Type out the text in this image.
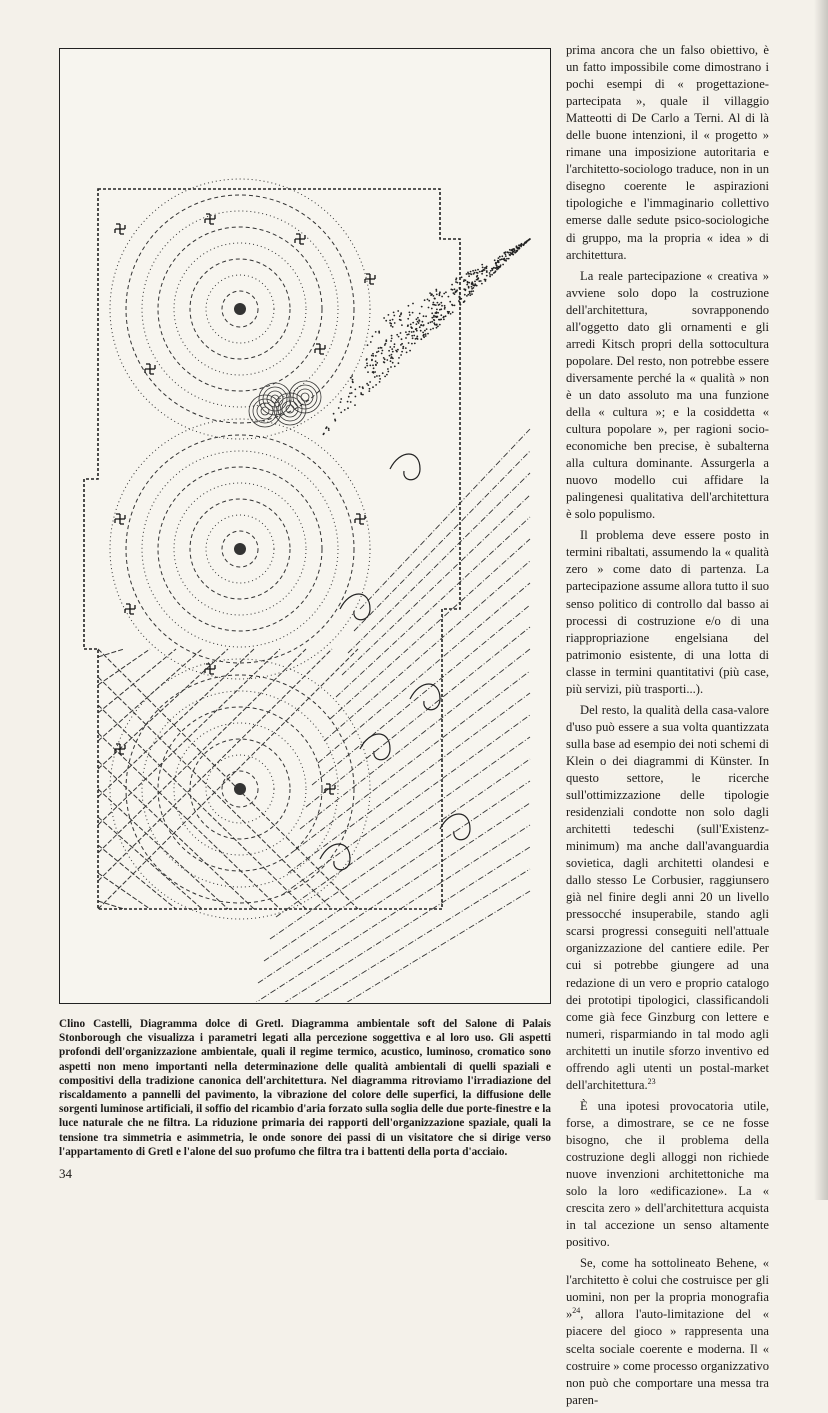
Clino Castelli, Diagramma dolce di Gretl. Diagramma ambientale soft del Salone di Palais Stonborough che visualizza i parametri legati alla percezione soggettiva e al loro uso. Gli aspetti profondi dell'organizzazione ambientale, quali il regime termico, acustico, luminoso, cromatico sono aspetti non meno importanti nella determinazione delle qualità ambientali di quelli spaziali e compositivi della tradizione canonica dell'architettura. Nel diagramma ritroviamo l'irradiazione del riscaldamento a pannelli del pavimento, la vibrazione del colore delle superfici, la diffusione delle sorgenti luminose artificiali, il soffio del ricambio d'aria forzato sulla soglia delle due porte-finestre e la luce naturale che ne filtra. La riduzione primaria dei rapporti dell'organizzazione spaziale, quali la tensione tra simmetria e asimmetria, le onde sonore dei passi di un visitatore che si dirige verso l'appartamento di Gretl e l'alone del suo profumo che filtra tra i battenti della porta d'acciaio.

prima ancora che un falso obiettivo, è un fatto impossibile come dimostrano i pochi esempi di « progettazione-partecipata », quale il villaggio Matteotti di De Carlo a Terni. Al di là delle buone intenzioni, il « progetto » rimane una imposizione autoritaria e l'architetto-sociologo traduce, non in un disegno coerente le aspirazioni tipologiche e l'immaginario collettivo emerse dalle sedute psico-sociologiche di gruppo, ma la propria « idea » di architettura.

La reale partecipazione « creativa » avviene solo dopo la costruzione dell'architettura, sovrapponendo all'oggetto dato gli ornamenti e gli arredi Kitsch propri della sottocultura popolare. Del resto, non potrebbe essere diversamente perché la « qualità » non è un dato assoluto ma una funzione della « cultura »; e la cosiddetta « cultura popolare », per ragioni socio-economiche ben precise, è subalterna alla cultura dominante. Assurgerla a nuovo modello cui affidare la palingenesi qualitativa dell'architettura è solo populismo.

Il problema deve essere posto in termini ribaltati, assumendo la « qualità zero » come dato di partenza. La partecipazione assume allora tutto il suo senso politico di controllo dal basso ai processi di costruzione e/o di una riappropriazione engelsiana del patrimonio esistente, di una lotta di classe in termini quantitativi (più case, più servizi, più trasporti...).

Del resto, la qualità della casa-valore d'uso può essere a sua volta quantizzata sulla base ad esempio dei noti schemi di Klein o dei diagrammi di Künster. In questo settore, le ricerche sull'ottimizzazione delle tipologie residenziali condotte non solo dagli architetti tedeschi (sull'Existenz-minimum) ma anche dall'avanguardia sovietica, dagli architetti olandesi e dallo stesso Le Corbusier, raggiunsero già nel finire degli anni 20 un livello pressocché insuperabile, stando agli scarsi progressi conseguiti nell'attuale organizzazione del cantiere edile. Per cui si potrebbe giungere ad una redazione di un vero e proprio catalogo dei prototipi tipologici, classificandoli come già fece Ginzburg con lettere e numeri, risparmiando in tal modo agli architetti un inutile sforzo inventivo ed offrendo agli utenti un postal-market dell'architettura.$^{23}$

È una ipotesi provocatoria utile, forse, a dimostrare, se ce ne fosse bisogno, che il problema della costruzione degli alloggi non richiede nuove invenzioni architettoniche ma solo la loro «edificazione». La « crescita zero » dell'architettura acquista in tal accezione un senso altamente positivo.

Se, come ha sottolineato Behene, « l'architetto è colui che costruisce per gli uomini, non per la propria monografia »$^{24}$, allora l'auto-limitazione del « piacere del gioco » rappresenta una scelta sociale coerente e moderna. Il « costruire » come processo organizzativo non può che comportare una messa tra paren-

34
